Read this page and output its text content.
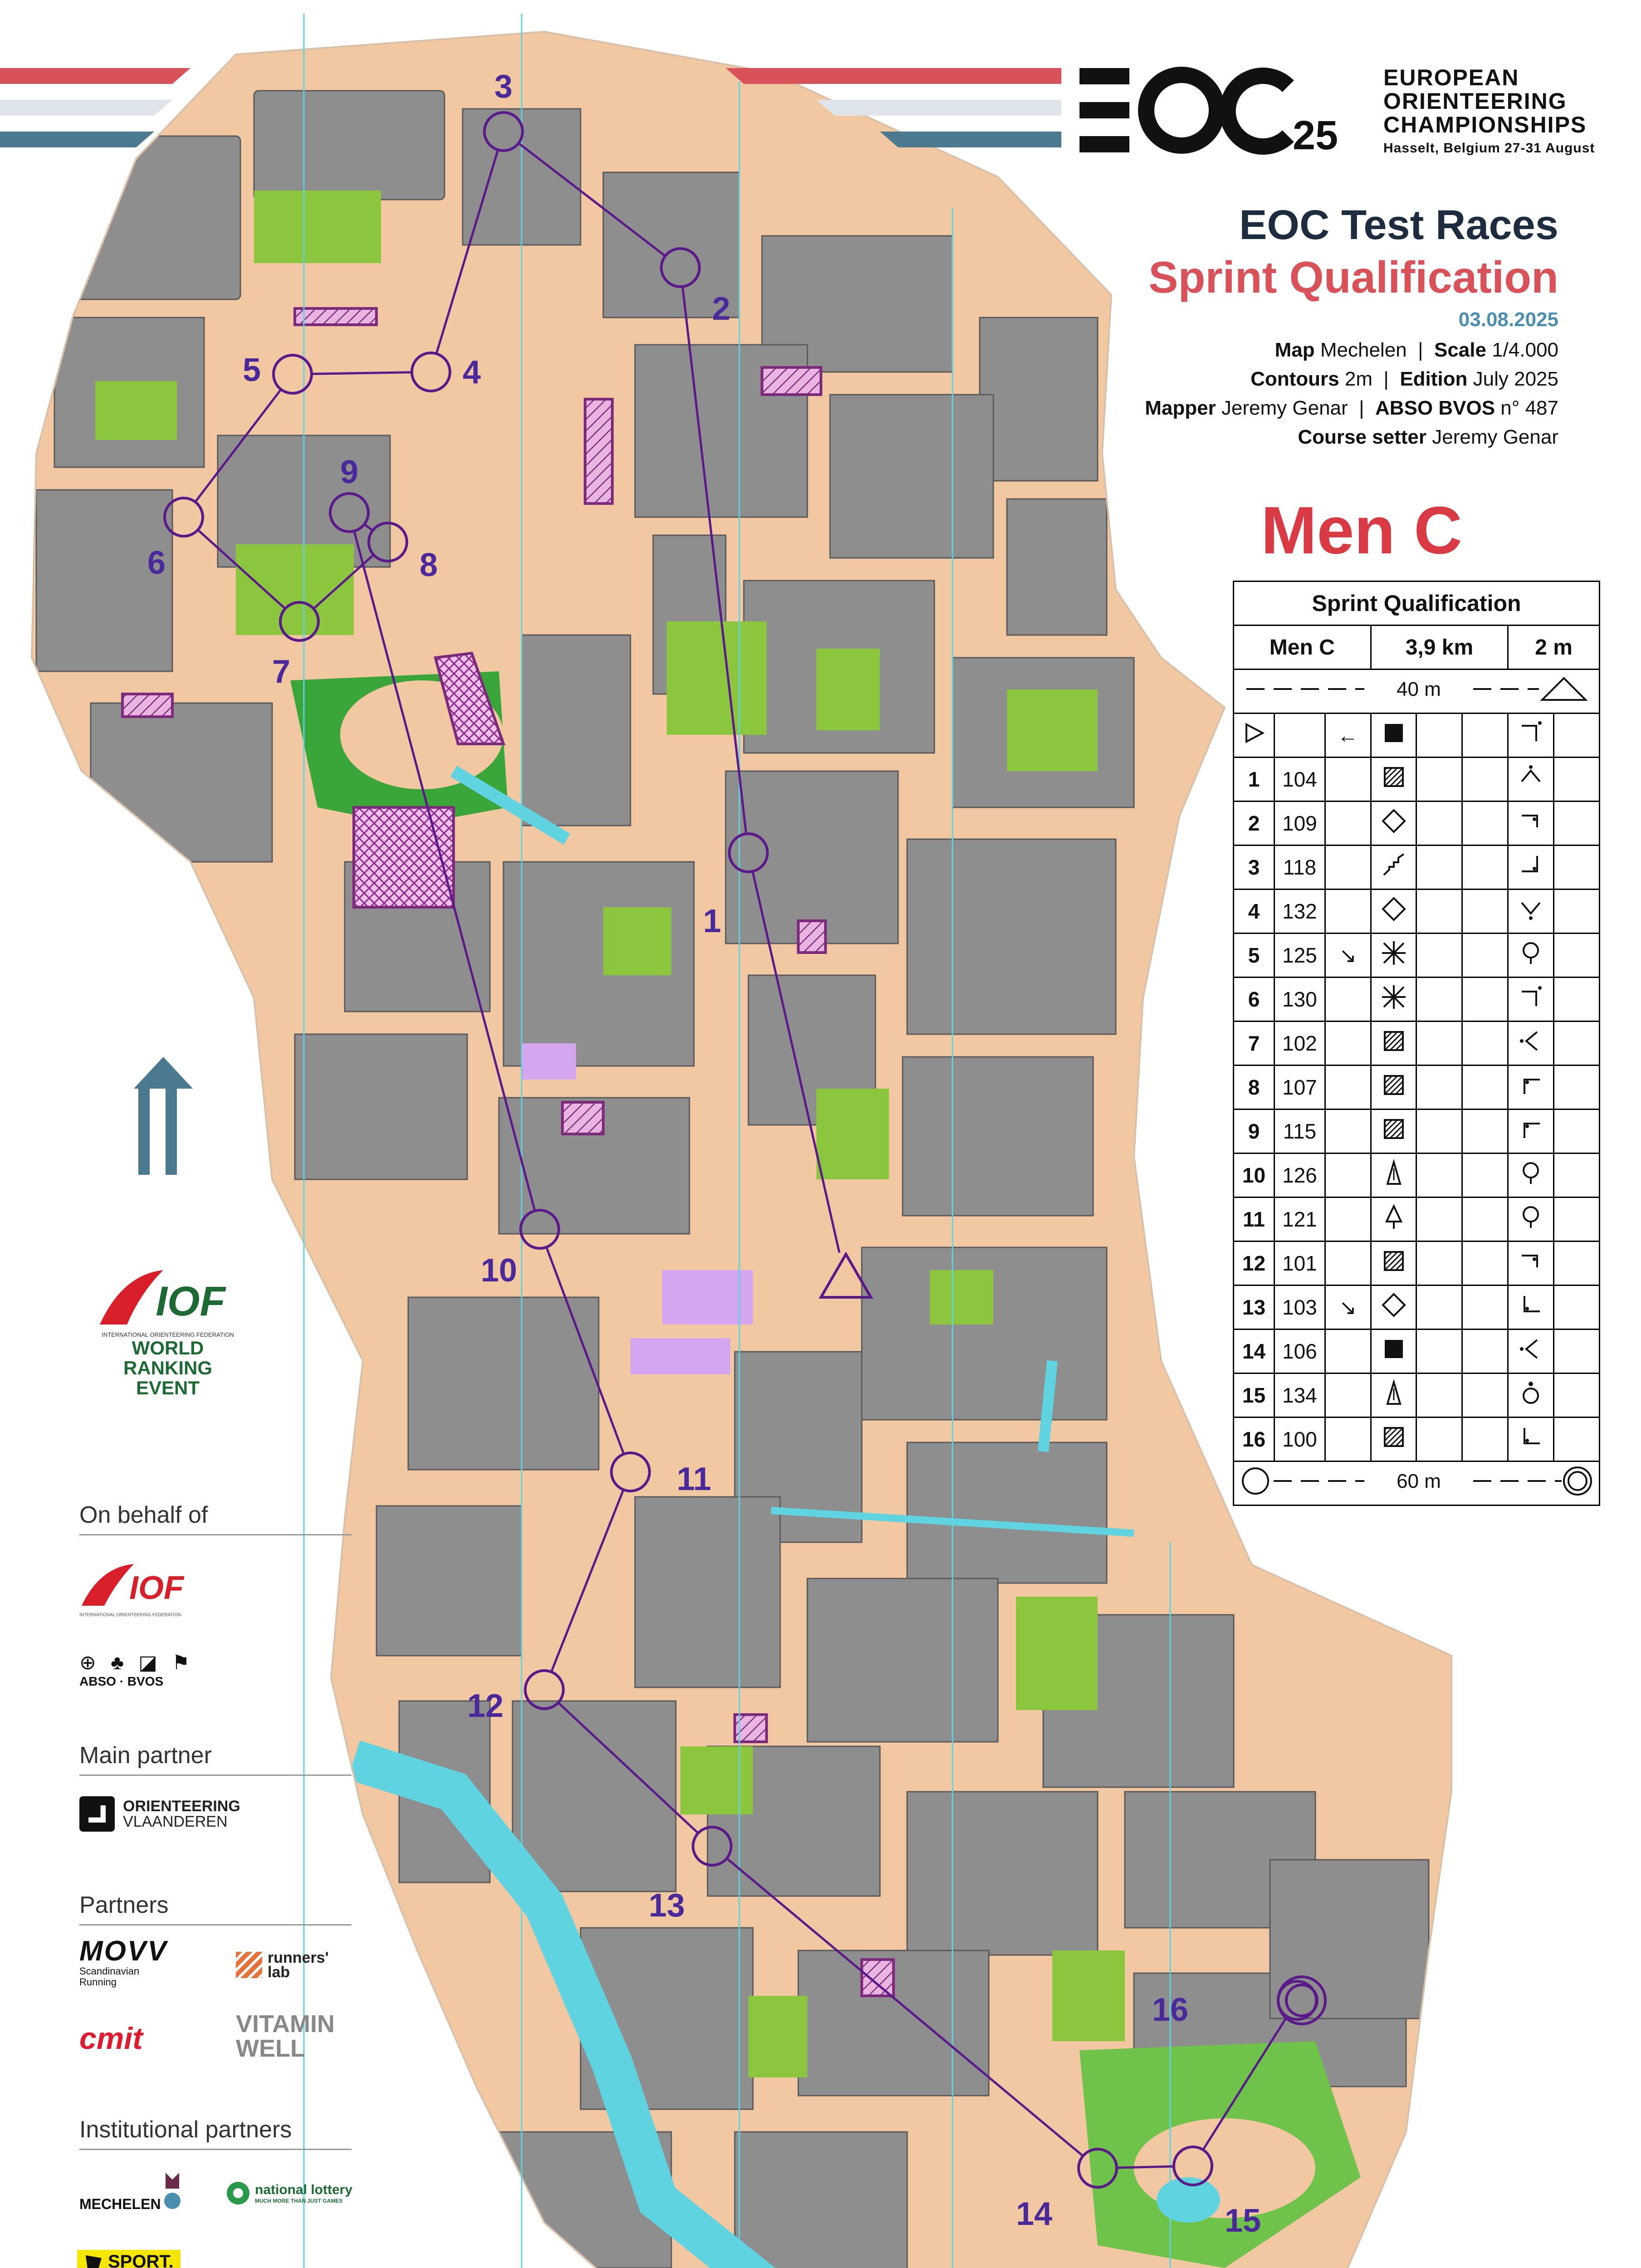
1
2
3
4
5
6
7
8
9
10
11
12
13
14	15
16
25
EUROPEAN
ORIENTEERING
CHAMPIONSHIPS
Hasselt, Belgium 27-31 August
EOC Test Races
Sprint Qualification
03.08.2025
Map Mechelen  |  Scale 1/4.000
Contours 2m  |  Edition July 2025
Mapper Jeremy Genar  |  ABSO BVOS n° 487
Course setter Jeremy Genar
Men C
Sprint Qualification							
Men C			3,9 km			2 m	

40 m							

		←					
1	104						
2	109						
3	118						
4	132						
5	125	↘					
6	130						
7	102						
8	107						
9	115						
10	126						
11	121						
12	101						
13	103	↘					
14	106						
15	134						
16	100						

60 m							
IOF
INTERNATIONAL ORIENTEERING FEDERATION
WORLD
RANKING
EVENT
On behalf of
IOF
INTERNATIONAL ORIENTEERING FEDERATION
⊕ ♣ ◪ ⚑
ABSO · BVOS
Main partner
ORIENTEERING
VLAANDEREN
Partners
MOVV
Scandinavian
Running
runners'
lab
cmit	VITAMIN
WELL
Institutional partners
MECHELEN
national lottery
MUCH MORE THAN JUST GAMES
SPORT.
